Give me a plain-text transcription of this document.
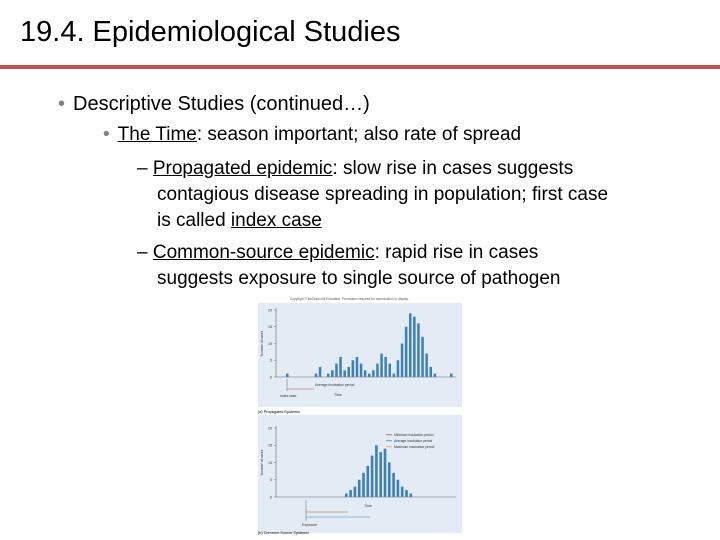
19.4. Epidemiological Studies
• Descriptive Studies (continued…)
• The Time: season important; also rate of spread
– Propagated epidemic: slow rise in cases suggests
contagious disease spreading in population; first case
is called index case
– Common-source epidemic: rapid rise in cases
suggests exposure to single source of pathogen
Copyright © McGraw-Hill Education. Permission required for reproduction or display.
20
15
10
5
0
Number of cases
Index case
Average incubation period
Time
(a) Propagated Epidemic
20
15
10
5
0
Number of cases
Minimum incubation period
Average incubation period
Maximum incubation period
Time
Exposure
(b) Common-Source Epidemic
